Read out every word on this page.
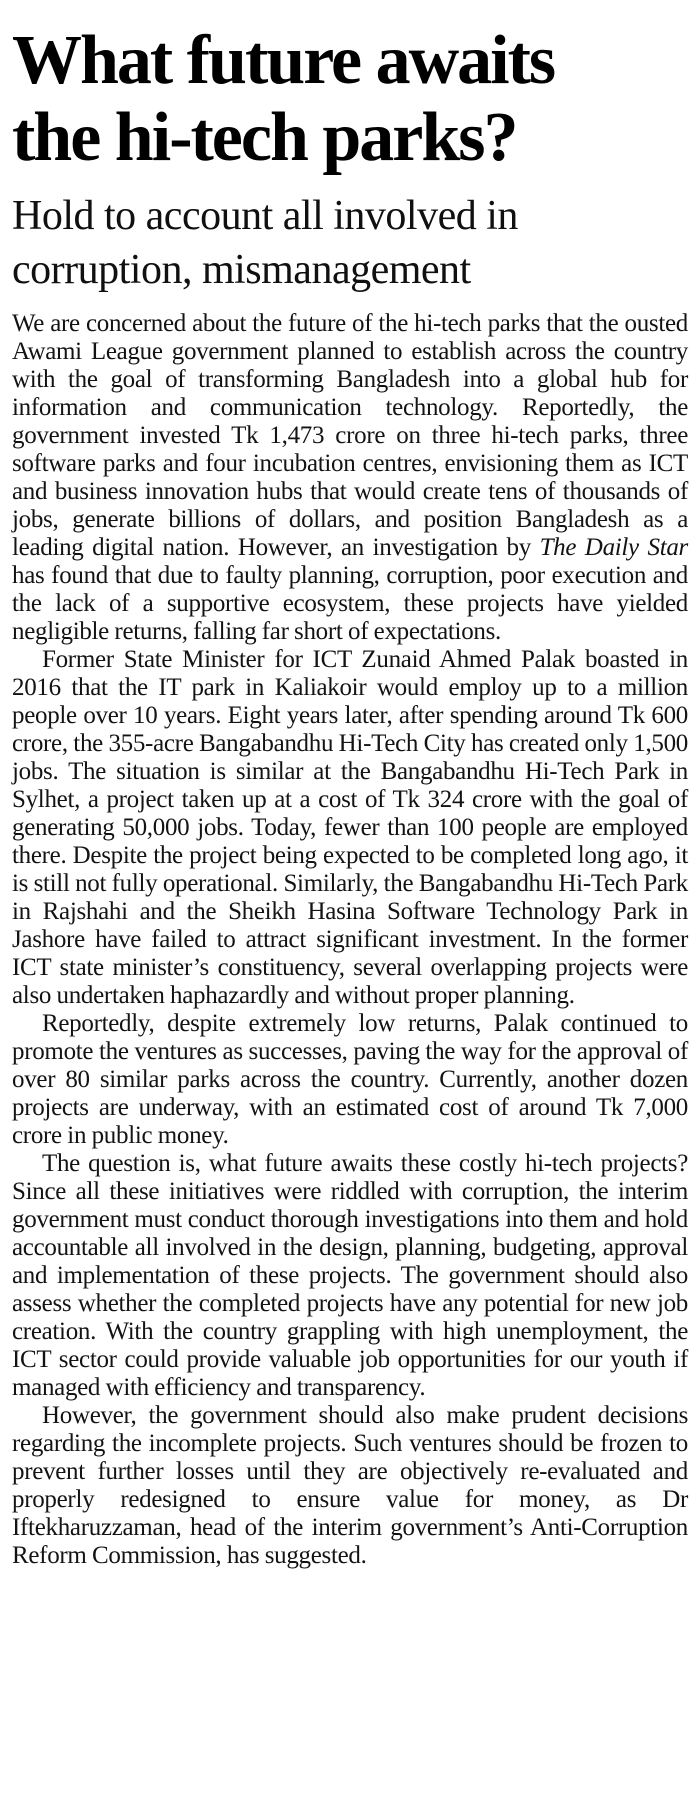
What future awaits
the hi-tech parks?
Hold to account all involved in
corruption, mismanagement

We are concerned about the future of the hi-tech parks that the ousted Awami League government planned to establish across the country with the goal of transforming Bangladesh into a global hub for information and communication technology. Reportedly, the government invested Tk 1,473 crore on three hi-tech parks, three software parks and four incubation centres, envisioning them as ICT and business innovation hubs that would create tens of thousands of jobs, generate billions of dollars, and position Bangladesh as a leading digital nation. However, an investigation by The Daily Star has found that due to faulty planning, corruption, poor execution and the lack of a supportive ecosystem, these projects have yielded negligible returns, falling far short of expectations.

Former State Minister for ICT Zunaid Ahmed Palak boasted in 2016 that the IT park in Kaliakoir would employ up to a million people over 10 years. Eight years later, after spending around Tk 600 crore, the 355-acre Bangabandhu Hi-Tech City has created only 1,500 jobs. The situation is similar at the Bangabandhu Hi-Tech Park in Sylhet, a project taken up at a cost of Tk 324 crore with the goal of generating 50,000 jobs. Today, fewer than 100 people are employed there. Despite the project being expected to be completed long ago, it is still not fully operational. Similarly, the Bangabandhu Hi-Tech Park in Rajshahi and the Sheikh Hasina Software Technology Park in Jashore have failed to attract significant investment. In the former ICT state minister’s constituency, several overlapping projects were also undertaken haphazardly and without proper planning.

Reportedly, despite extremely low returns, Palak continued to promote the ventures as successes, paving the way for the approval of over 80 similar parks across the country. Currently, another dozen projects are underway, with an estimated cost of around Tk 7,000 crore in public money.

The question is, what future awaits these costly hi-tech projects? Since all these initiatives were riddled with corruption, the interim government must conduct thorough investigations into them and hold accountable all involved in the design, planning, budgeting, approval and implementation of these projects. The government should also assess whether the completed projects have any potential for new job creation. With the country grappling with high unemployment, the ICT sector could provide valuable job opportunities for our youth if managed with efficiency and transparency.

However, the government should also make prudent decisions regarding the incomplete projects. Such ventures should be frozen to prevent further losses until they are objectively re-evaluated and properly redesigned to ensure value for money, as Dr Iftekharuzzaman, head of the interim government’s Anti-Corruption Reform Commission, has suggested.
